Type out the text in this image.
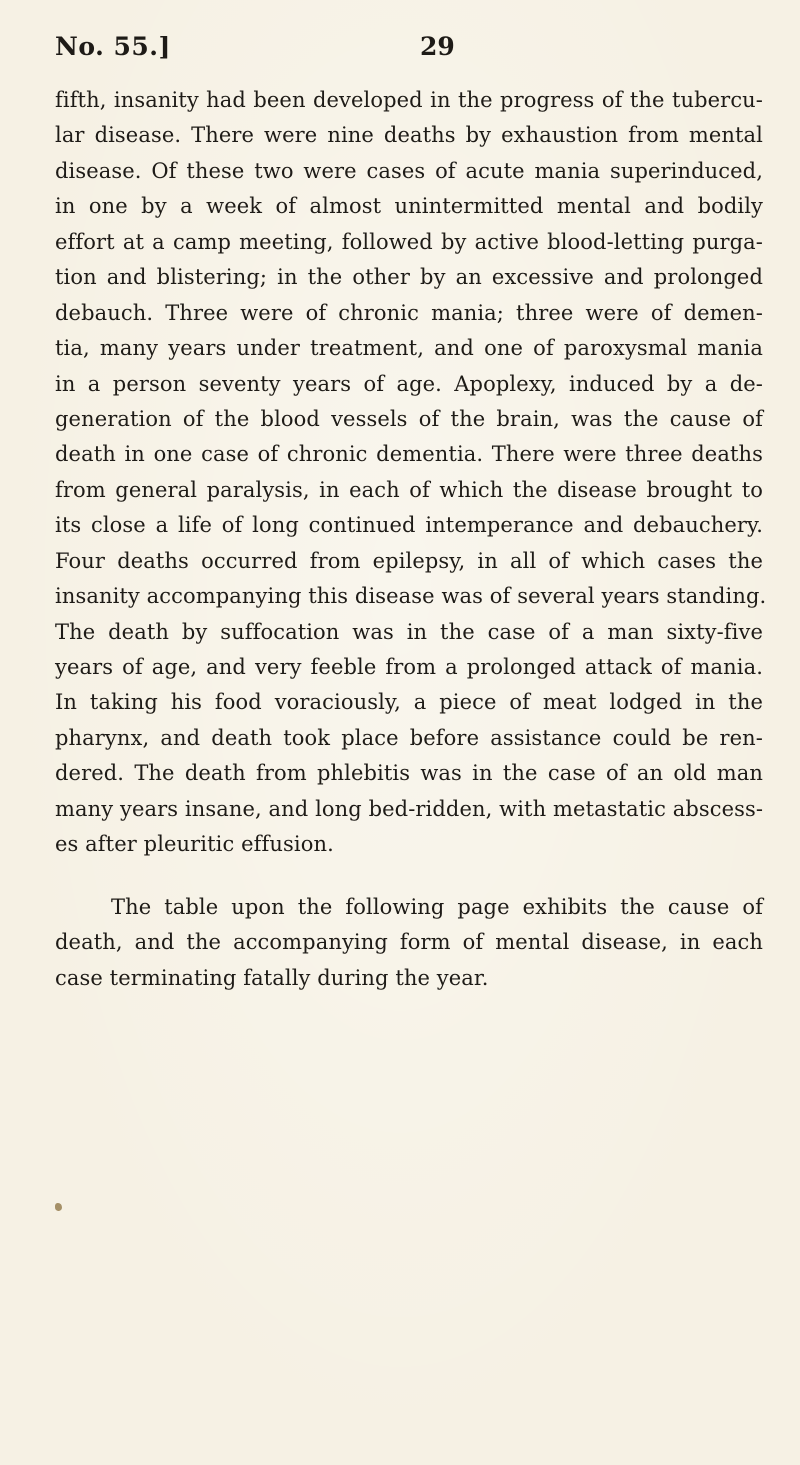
No. 55.]	29
fifth, insanity had been developed in the progress of the tubercu-
lar disease. There were nine deaths by exhaustion from mental
disease. Of these two were cases of acute mania superinduced,
in one by a week of almost unintermitted mental and bodily
effort at a camp meeting, followed by active blood-letting purga-
tion and blistering; in the other by an excessive and prolonged
debauch. Three were of chronic mania; three were of demen-
tia, many years under treatment, and one of paroxysmal mania
in a person seventy years of age. Apoplexy, induced by a de-
generation of the blood vessels of the brain, was the cause of
death in one case of chronic dementia. There were three deaths
from general paralysis, in each of which the disease brought to
its close a life of long continued intemperance and debauchery.
Four deaths occurred from epilepsy, in all of which cases the
insanity accompanying this disease was of several years standing.
The death by suffocation was in the case of a man sixty-five
years of age, and very feeble from a prolonged attack of mania.
In taking his food voraciously, a piece of meat lodged in the
pharynx, and death took place before assistance could be ren-
dered. The death from phlebitis was in the case of an old man
many years insane, and long bed-ridden, with metastatic abscess-
es after pleuritic effusion.
The table upon the following page exhibits the cause of
death, and the accompanying form of mental disease, in each
case terminating fatally during the year.
